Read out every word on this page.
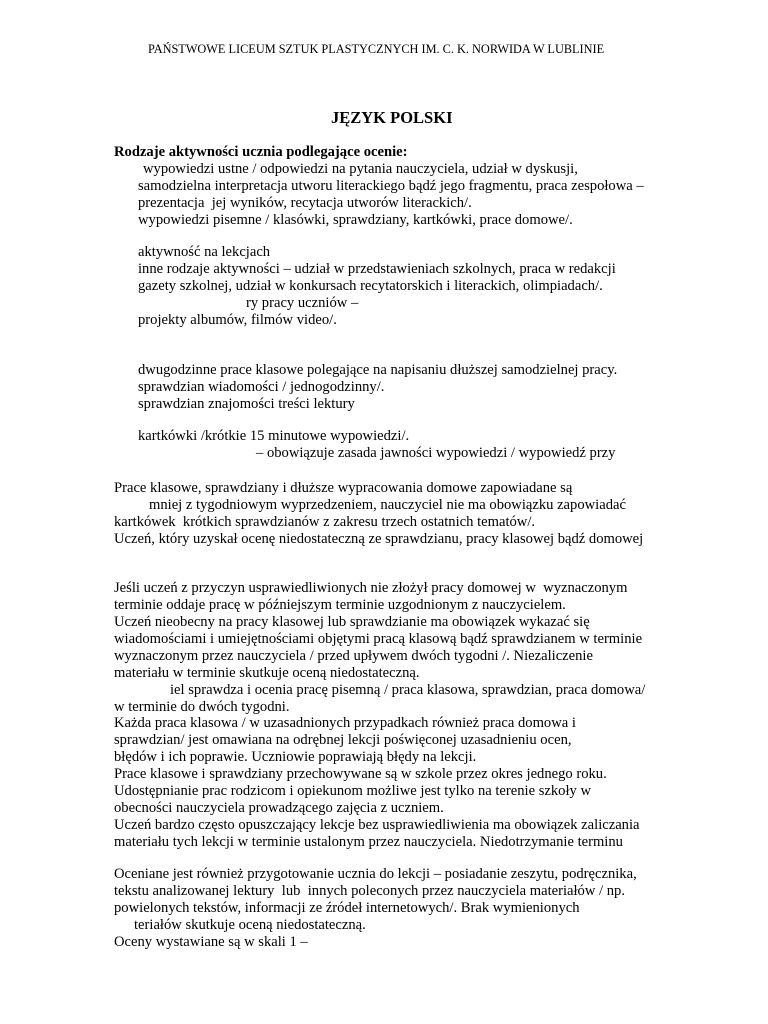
PAŃSTWOWE LICEUM SZTUK PLASTYCZNYCH IM. C. K. NORWIDA W LUBLINIE
JĘZYK POLSKI
Rodzaje aktywności ucznia podlegające ocenie:
wypowiedzi ustne / odpowiedzi na pytania nauczyciela, udział w dyskusji,
samodzielna interpretacja utworu literackiego bądź jego fragmentu, praca zespołowa –
prezentacja  jej wyników, recytacja utworów literackich/.
wypowiedzi pisemne / klasówki, sprawdziany, kartkówki, prace domowe/.
aktywność na lekcjach
inne rodzaje aktywności – udział w przedstawieniach szkolnych, praca w redakcji
gazety szkolnej, udział w konkursach recytatorskich i literackich, olimpiadach/.
ry pracy uczniów –
projekty albumów, filmów video/.
dwugodzinne prace klasowe polegające na napisaniu dłuższej samodzielnej pracy.
sprawdzian wiadomości / jednogodzinny/.
sprawdzian znajomości treści lektury
kartkówki /krótkie 15 minutowe wypowiedzi/.
– obowiązuje zasada jawności wypowiedzi / wypowiedź przy
Prace klasowe, sprawdziany i dłuższe wypracowania domowe zapowiadane są
mniej z tygodniowym wyprzedzeniem, nauczyciel nie ma obowiązku zapowiadać
kartkówek  krótkich sprawdzianów z zakresu trzech ostatnich tematów/.
Uczeń, który uzyskał ocenę niedostateczną ze sprawdzianu, pracy klasowej bądź domowej
Jeśli uczeń z przyczyn usprawiedliwionych nie złożył pracy domowej w  wyznaczonym
terminie oddaje pracę w późniejszym terminie uzgodnionym z nauczycielem.
Uczeń nieobecny na pracy klasowej lub sprawdzianie ma obowiązek wykazać się
wiadomościami i umiejętnościami objętymi pracą klasową bądź sprawdzianem w terminie
wyznaczonym przez nauczyciela / przed upływem dwóch tygodni /. Niezaliczenie
materiału w terminie skutkuje oceną niedostateczną.
iel sprawdza i ocenia pracę pisemną / praca klasowa, sprawdzian, praca domowa/
w terminie do dwóch tygodni.
Każda praca klasowa / w uzasadnionych przypadkach również praca domowa i
sprawdzian/ jest omawiana na odrębnej lekcji poświęconej uzasadnieniu ocen,
błędów i ich poprawie. Uczniowie poprawiają błędy na lekcji.
Prace klasowe i sprawdziany przechowywane są w szkole przez okres jednego roku.
Udostępnianie prac rodzicom i opiekunom możliwe jest tylko na terenie szkoły w
obecności nauczyciela prowadzącego zajęcia z uczniem.
Uczeń bardzo często opuszczający lekcje bez usprawiedliwienia ma obowiązek zaliczania
materiału tych lekcji w terminie ustalonym przez nauczyciela. Niedotrzymanie terminu
Oceniane jest również przygotowanie ucznia do lekcji – posiadanie zeszytu, podręcznika,
tekstu analizowanej lektury  lub  innych poleconych przez nauczyciela materiałów / np.
powielonych tekstów, informacji ze źródeł internetowych/. Brak wymienionych
teriałów skutkuje oceną niedostateczną.
Oceny wystawiane są w skali 1 –
